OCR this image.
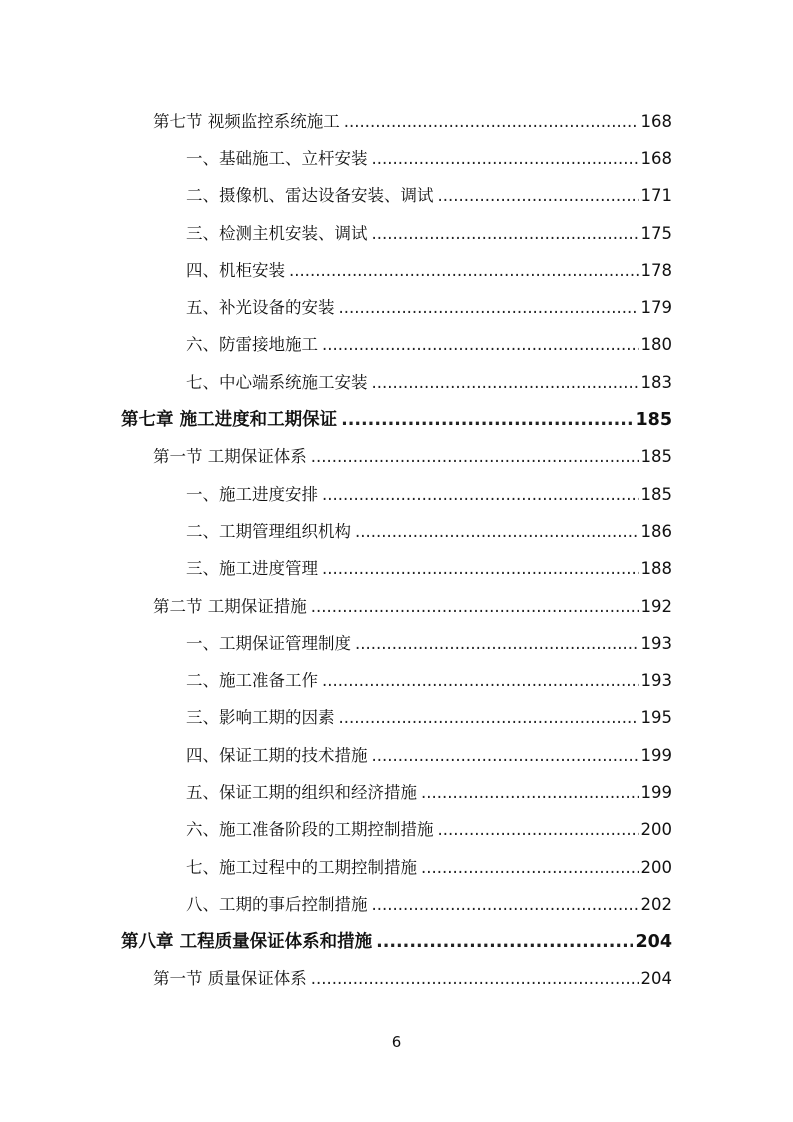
第七节 视频监控系统施工 .....	168
一、基础施工、立杆安装 .....	168
二、摄像机、雷达设备安装、调试 .....	171
三、检测主机安装、调试 .....	175
四、机柜安装 .....	178
五、补光设备的安装 .....	179
六、防雷接地施工 .....	180
七、中心端系统施工安装 .....	183
第七章 施工进度和工期保证 .....	185
第一节 工期保证体系 .....	185
一、施工进度安排 .....	185
二、工期管理组织机构 .....	186
三、施工进度管理 .....	188
第二节 工期保证措施 .....	192
一、工期保证管理制度 .....	193
二、施工准备工作 .....	193
三、影响工期的因素 .....	195
四、保证工期的技术措施 .....	199
五、保证工期的组织和经济措施 .....	199
六、施工准备阶段的工期控制措施 .....	200
七、施工过程中的工期控制措施 .....	200
八、工期的事后控制措施 .....	202
第八章 工程质量保证体系和措施 .....	204
第一节 质量保证体系 .....	204
6
